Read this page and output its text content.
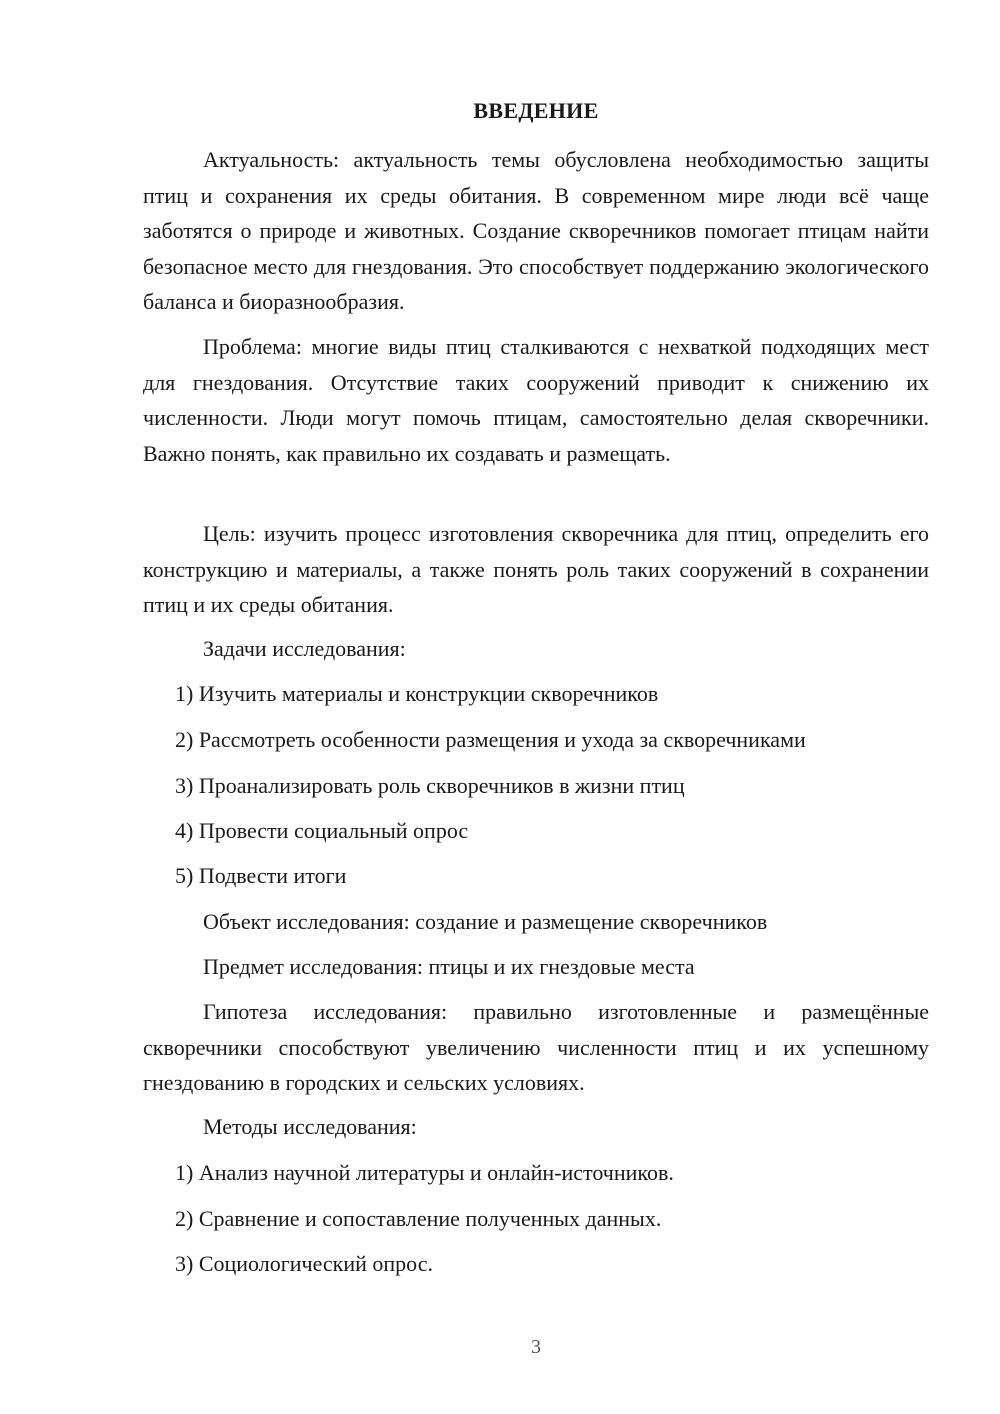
ВВЕДЕНИЕ

Актуальность: актуальность темы обусловлена необходимостью защиты птиц и сохранения их среды обитания. В современном мире люди всё чаще заботятся о природе и животных. Создание скворечников помогает птицам найти безопасное место для гнездования. Это способствует поддержанию экологического баланса и биоразнообразия.

Проблема: многие виды птиц сталкиваются с нехваткой подходящих мест для гнездования. Отсутствие таких сооружений приводит к снижению их численности. Люди могут помочь птицам, самостоятельно делая скворечники. Важно понять, как правильно их создавать и размещать.

Цель: изучить процесс изготовления скворечника для птиц, определить его конструкцию и материалы, а также понять роль таких сооружений в сохранении птиц и их среды обитания.

Задачи исследования:

1) Изучить материалы и конструкции скворечников

2) Рассмотреть особенности размещения и ухода за скворечниками

3) Проанализировать роль скворечников в жизни птиц

4) Провести социальный опрос

5) Подвести итоги

Объект исследования: создание и размещение скворечников

Предмет исследования: птицы и их гнездовые места

Гипотеза исследования: правильно изготовленные и размещённые скворечники способствуют увеличению численности птиц и их успешному гнездованию в городских и сельских условиях.

Методы исследования:

1) Анализ научной литературы и онлайн-источников.

2) Сравнение и сопоставление полученных данных.

3) Социологический опрос.

3
